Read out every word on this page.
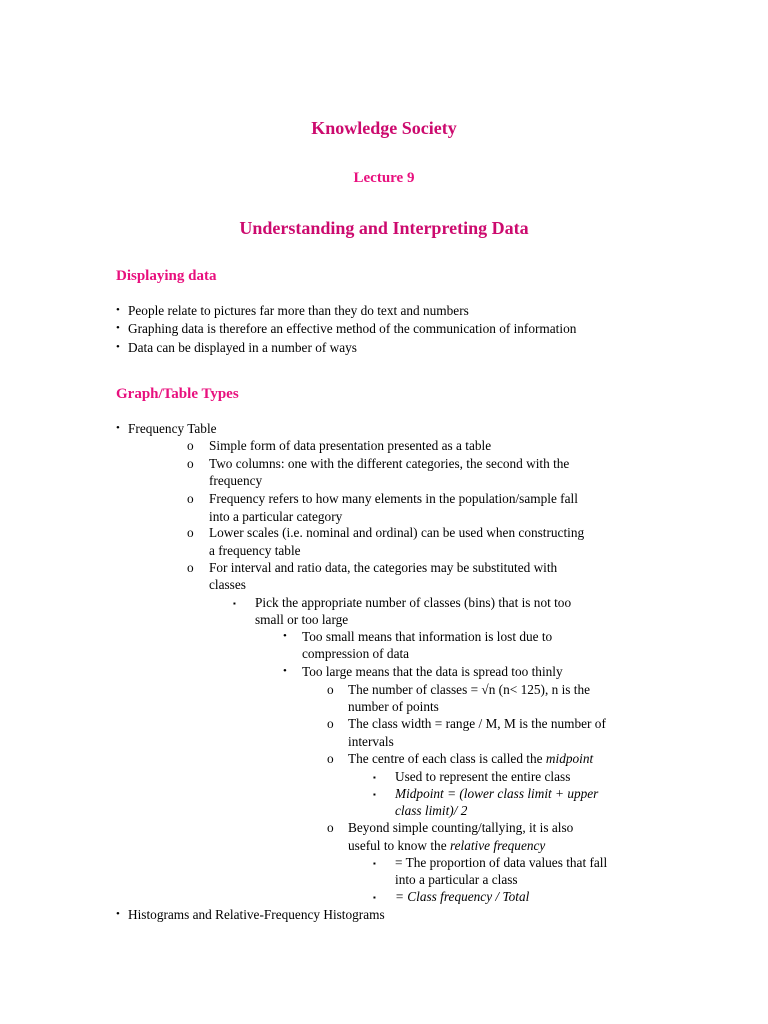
Knowledge Society
Lecture 9
Understanding and Interpreting Data
Displaying data
• People relate to pictures far more than they do text and numbers
• Graphing data is therefore an effective method of the communication of information
• Data can be displayed in a number of ways
Graph/Table Types
• Frequency Table
o Simple form of data presentation presented as a table
o Two columns: one with the different categories, the second with the
frequency
o Frequency refers to how many elements in the population/sample fall
into a particular category
o Lower scales (i.e. nominal and ordinal) can be used when constructing
a frequency table
o For interval and ratio data, the categories may be substituted with
classes
▪ Pick the appropriate number of classes (bins) that is not too
small or too large
• Too small means that information is lost due to
compression of data
• Too large means that the data is spread too thinly
o The number of classes = √n (n< 125), n is the
number of points
o The class width = range / M, M is the number of
intervals
o The centre of each class is called the midpoint
▪ Used to represent the entire class
▪ Midpoint = (lower class limit + upper
class limit)/ 2
o Beyond simple counting/tallying, it is also
useful to know the relative frequency
▪ = The proportion of data values that fall
into a particular a class
▪ = Class frequency / Total
• Histograms and Relative-Frequency Histograms
